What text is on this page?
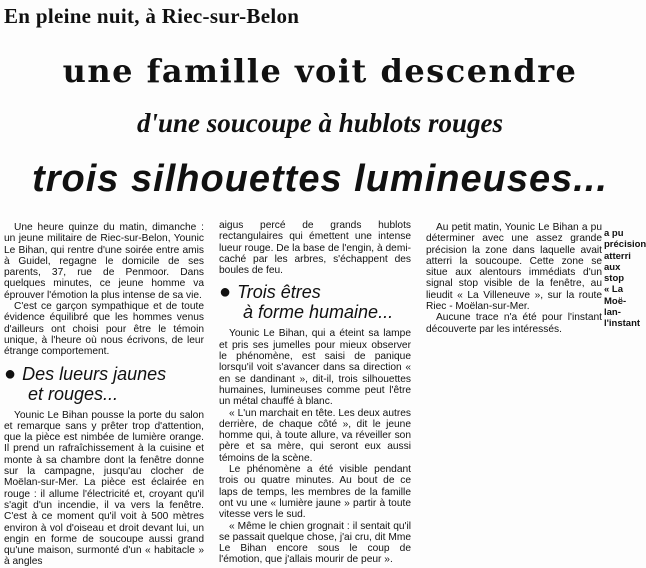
En pleine nuit, à Riec-sur-Belon
une famille voit descendre
d'une soucoupe à hublots rouges
trois silhouettes lumineuses...

Une heure quinze du matin, dimanche : un jeune militaire de Riec-sur-Belon, Younic Le Bihan, qui rentre d'une soirée entre amis à Guidel, regagne le domicile de ses parents, 37, rue de Penmoor. Dans quelques minutes, ce jeune homme va éprouver l'émotion la plus intense de sa vie.

C'est ce garçon sympathique et de toute évidence équilibré que les hommes venus d'ailleurs ont choisi pour être le témoin unique, à l'heure où nous écrivons, de leur étrange comportement.

● Des lueurs jaunes
et rouges...

Younic Le Bihan pousse la porte du salon et remarque sans y prêter trop d'attention, que la pièce est nimbée de lumière orange. Il prend un rafraîchissement à la cuisine et monte à sa chambre dont la fenêtre donne sur la campagne, jusqu'au clocher de Moëlan-sur-Mer. La pièce est éclairée en rouge : il allume l'électricité et, croyant qu'il s'agit d'un incendie, il va vers la fenêtre. C'est à ce moment qu'il voit à 500 mètres environ à vol d'oiseau et droit devant lui, un engin en forme de soucoupe aussi grand qu'une maison, surmonté d'un « habitacle » à angles

aigus percé de grands hublots rectangulaires qui émettent une intense lueur rouge. De la base de l'engin, à demi-caché par les arbres, s'échappent des boules de feu.

● Trois êtres
à forme humaine...

Younic Le Bihan, qui a éteint sa lampe et pris ses jumelles pour mieux observer le phénomène, est saisi de panique lorsqu'il voit s'avancer dans sa direction « en se dandinant », dit-il, trois silhouettes humaines, lumineuses comme peut l'être un métal chauffé à blanc.

« L'un marchait en tête. Les deux autres derrière, de chaque côté », dit le jeune homme qui, à toute allure, va réveiller son père et sa mère, qui seront eux aussi témoins de la scène.

Le phénomène a été visible pendant trois ou quatre minutes. Au bout de ce laps de temps, les membres de la famille ont vu une « lumière jaune » partir à toute vitesse vers le sud.

« Même le chien grognait : il sentait qu'il se passait quelque chose, j'ai cru, dit Mme Le Bihan encore sous le coup de l'émotion, que j'allais mourir de peur ».

Au petit matin, Younic Le Bihan a pu déterminer avec une assez grande précision la zone dans laquelle avait atterri la soucoupe. Cette zone se situe aux alentours immédiats d'un signal stop visible de la fenêtre, au lieudit « La Villeneuve », sur la route Riec - Moëlan-sur-Mer.

Aucune trace n'a été pour l'instant découverte par les intéressés.

a pu
précision
atterri
aux
stop
« La
Moë-
lan-
l'instant
